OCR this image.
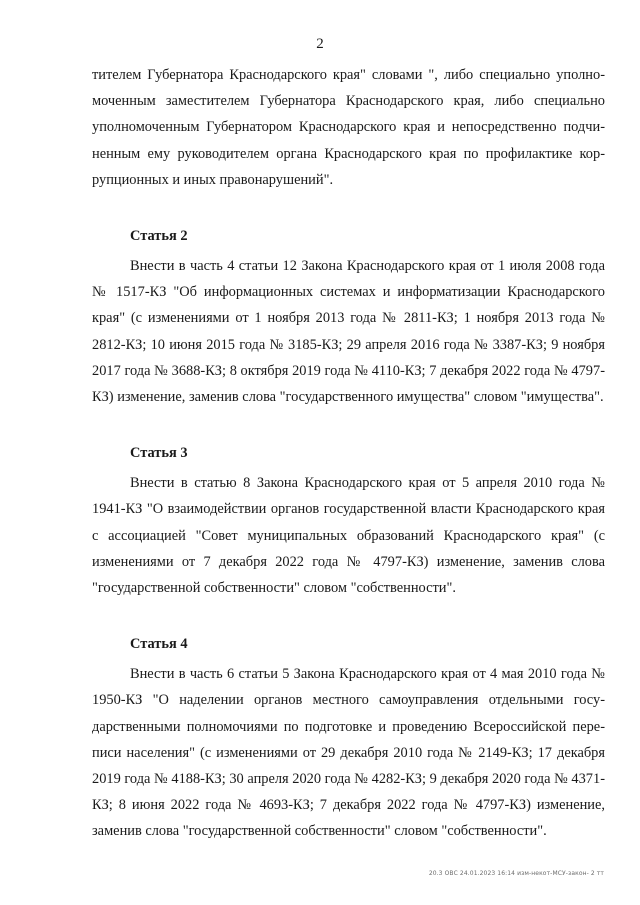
2

тителем Губернатора Краснодарского края" словами ", либо специально уполномоченным заместителем Губернатора Краснодарского края, либо специально уполномоченным Губернатором Краснодарского края и непосредственно подчиненным ему руководителем органа Краснодарского края по профилактике коррупционных и иных правонарушений".

Статья 2

Внести в часть 4 статьи 12 Закона Краснодарского края от 1 июля 2008 года № 1517-КЗ "Об информационных системах и информатизации Краснодарского края" (с изменениями от 1 ноября 2013 года № 2811-КЗ; 1 ноября 2013 года № 2812-КЗ; 10 июня 2015 года № 3185-КЗ; 29 апреля 2016 года № 3387-КЗ; 9 ноября 2017 года № 3688-КЗ; 8 октября 2019 года № 4110-КЗ; 7 декабря 2022 года № 4797-КЗ) изменение, заменив слова "государственного имущества" словом "имущества".

Статья 3

Внести в статью 8 Закона Краснодарского края от 5 апреля 2010 года № 1941-КЗ "О взаимодействии органов государственной власти Краснодарского края с ассоциацией "Совет муниципальных образований Краснодарского края" (с изменениями от 7 декабря 2022 года № 4797-КЗ) изменение, заменив слова "государственной собственности" словом "собственности".

Статья 4

Внести в часть 6 статьи 5 Закона Краснодарского края от 4 мая 2010 года № 1950-КЗ "О наделении органов местного самоуправления отдельными государственными полномочиями по подготовке и проведению Всероссийской переписи населения" (с изменениями от 29 декабря 2010 года № 2149-КЗ; 17 декабря 2019 года № 4188-КЗ; 30 апреля 2020 года № 4282-КЗ; 9 декабря 2020 года № 4371-КЗ; 8 июня 2022 года № 4693-КЗ; 7 декабря 2022 года № 4797-КЗ) изменение, заменив слова "государственной собственности" словом "собственности".

20.3 ОВС 24.01.2023 16:14 изм-некот-МСУ-закон- 2 тт
